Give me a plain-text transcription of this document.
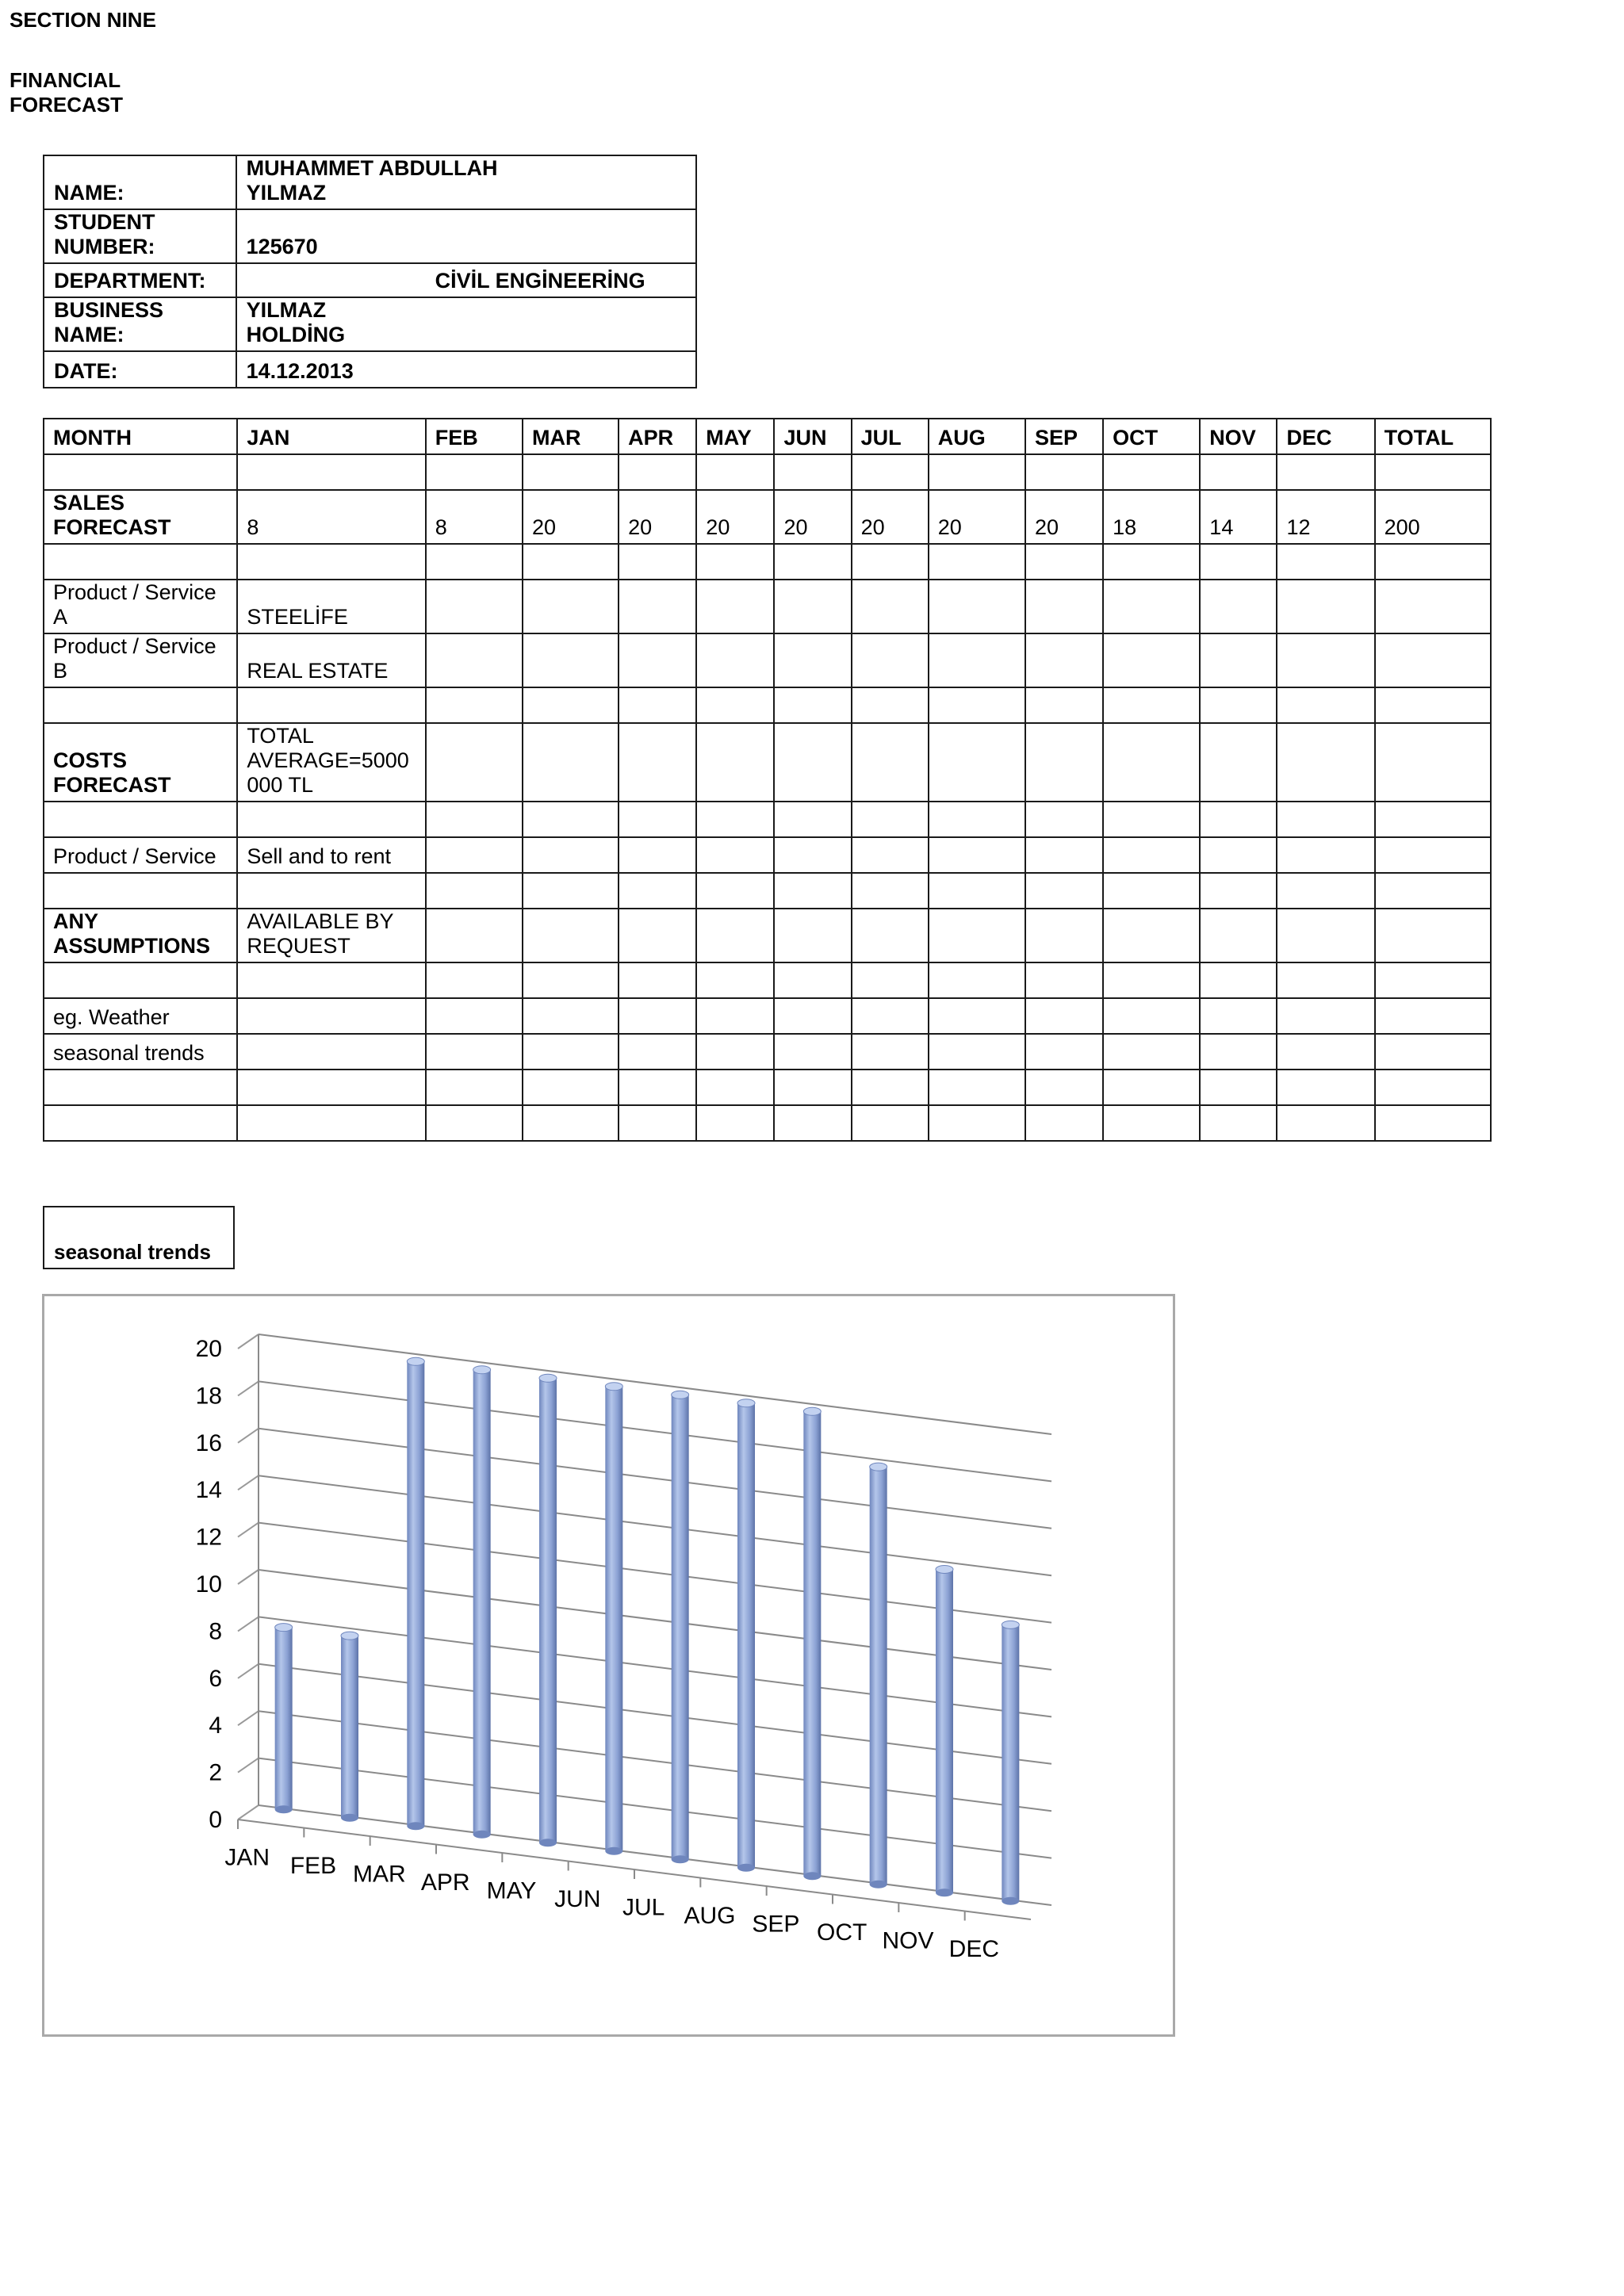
SECTION NINE
FINANCIAL
FORECAST
NAME:	MUHAMMET ABDULLAH
YILMAZ
STUDENT
NUMBER:	125670
DEPARTMENT:	CİVİL ENGİNEERİNG
BUSINESS
NAME:	YILMAZ
HOLDİNG
DATE:	14.12.2013
MONTH	JAN	FEB	MAR	APR	MAY	JUN	JUL	AUG	SEP	OCT	NOV	DEC	TOTAL

SALES
FORECAST	8	8	20	20	20	20	20	20	20	18	14	12	200

Product / Service
A	STEELİFE												
Product / Service
B	REAL ESTATE												

COSTS
FORECAST	TOTAL
AVERAGE=5000
000 TL												

Product / Service	Sell and to rent												

ANY
ASSUMPTIONS	AVAILABLE BY
REQUEST												

eg. Weather													
seasonal trends													

seasonal trends
0
2
4
6
8
10
12
14
16
18
20
JAN FEB MAR APR MAY JUN JUL AUG SEP OCT NOV DEC
